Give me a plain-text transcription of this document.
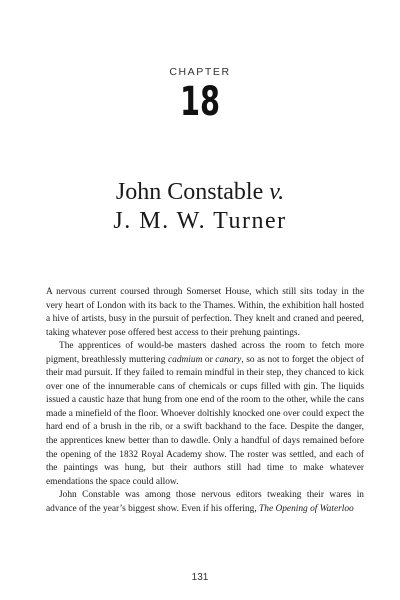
CHAPTER
18
John Constable v.
J. M. W. Turner

A nervous current coursed through Somerset House, which still sits today in the very heart of London with its back to the Thames. Within, the exhibition hall hosted a hive of artists, busy in the pursuit of perfection. They knelt and craned and peered, taking whatever pose offered best access to their prehung paintings.

The apprentices of would-be masters dashed across the room to fetch more pigment, breathlessly muttering cadmium or canary, so as not to forget the object of their mad pursuit. If they failed to remain mindful in their step, they chanced to kick over one of the innumerable cans of chemicals or cups filled with gin. The liquids issued a caustic haze that hung from one end of the room to the other, while the cans made a minefield of the floor. Whoever doltishly knocked one over could expect the hard end of a brush in the rib, or a swift backhand to the face. Despite the danger, the apprentices knew better than to dawdle. Only a handful of days remained before the opening of the 1832 Royal Academy show. The roster was settled, and each of the paintings was hung, but their authors still had time to make whatever emendations the space could allow.

John Constable was among those nervous editors tweaking their wares in advance of the year’s biggest show. Even if his offering, The Opening of Waterloo

131
